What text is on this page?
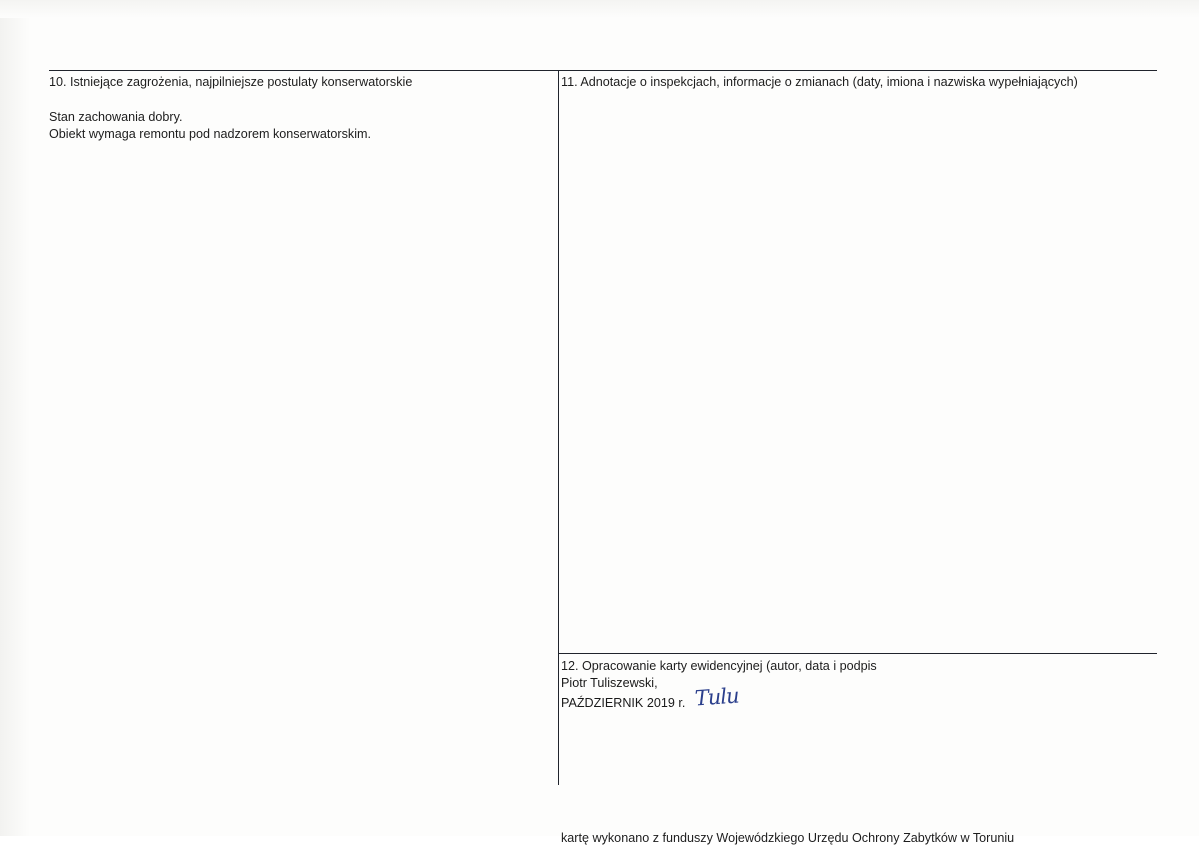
10. Istniejące zagrożenia, najpilniejsze postulaty konserwatorskie

Stan zachowania dobry.

Obiekt wymaga remontu pod nadzorem konserwatorskim.

11. Adnotacje o inspekcjach, informacje o zmianach (daty, imiona i nazwiska wypełniających)
12. Opracowanie karty ewidencyjnej (autor, data i podpis

Piotr Tuliszewski,

PAŹDZIERNIK 2019 r. Tulu
kartę wykonano z funduszy Wojewódzkiego Urzędu Ochrony Zabytków w Toruniu
